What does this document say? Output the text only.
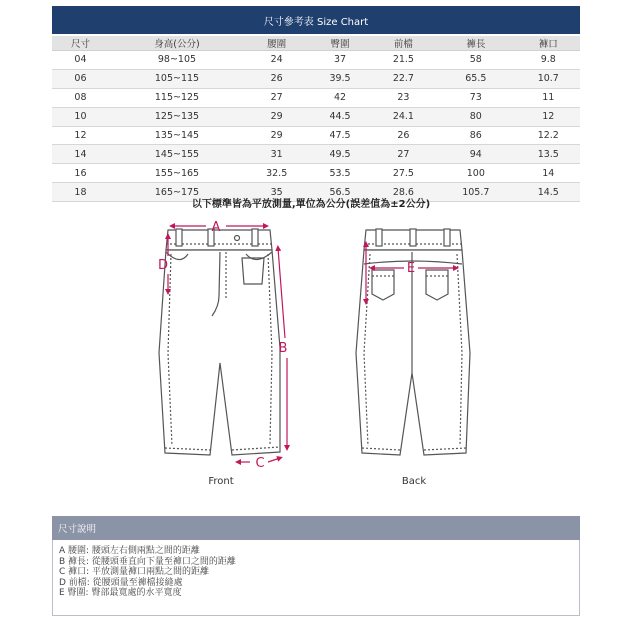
尺寸參考表 Size Chart
尺寸	身高(公分)	腰圍	臀圍	前檔	褲長	褲口
04	98~105	24	37	21.5	58	9.8
06	105~115	26	39.5	22.7	65.5	10.7
08	115~125	27	42	23	73	11
10	125~135	29	44.5	24.1	80	12
12	135~145	29	47.5	26	86	12.2
14	145~155	31	49.5	27	94	13.5
16	155~165	32.5	53.5	27.5	100	14
18	165~175	35	56.5	28.6	105.7	14.5
以下標準皆為平放測量,單位為公分(誤差值為±2公分)
A
D
B
C
E
Front	Back
尺寸說明
A 腰圍: 腰頭左右側兩點之間的距離
B 褲長: 從腰頭垂直向下量至褲口之間的距離
C 褲口: 平放測量褲口兩點之間的距離
D 前檔: 從腰頭量至褲檔接縫處
E 臀圍: 臀部最寬處的水平寬度
